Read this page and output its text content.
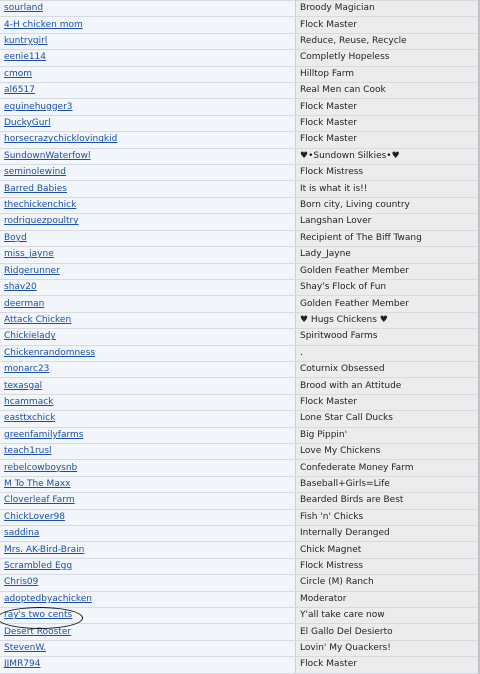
sourland	Broody Magician
4-H chicken mom	Flock Master
kuntrygirl	Reduce, Reuse, Recycle
eenie114	Completly Hopeless
cmom	Hilltop Farm
al6517	Real Men can Cook
equinehugger3	Flock Master
DuckyGurl	Flock Master
horsecrazychicklovingkid	Flock Master
SundownWaterfowl	♥•Sundown Silkies•♥
seminolewind	Flock Mistress
Barred Babies	It is what it is!!
thechickenchick	Born city, Living country
rodriguezpoultry	Langshan Lover
Boyd	Recipient of The Biff Twang
miss_jayne	Lady_Jayne
Ridgerunner	Golden Feather Member
shav20	Shay's Flock of Fun
deerman	Golden Feather Member
Attack Chicken	♥ Hugs Chickens ♥
Chickielady	Spiritwood Farms
Chickenrandomness	.
monarc23	Coturnix Obsessed
texasgal	Brood with an Attitude
hcammack	Flock Master
easttxchick	Lone Star Call Ducks
greenfamilyfarms	Big Pippin'
teach1rusl	Love My Chickens
rebelcowboysnb	Confederate Money Farm
M To The Maxx	Baseball+Girls=Life
Cloverleaf Farm	Bearded Birds are Best
ChickLover98	Fish 'n' Chicks
saddina	Internally Deranged
Mrs. AK-Bird-Brain	Chick Magnet
Scrambled Egg	Flock Mistress
Chris09	Circle (M) Ranch
adoptedbyachicken	Moderator
ray's two cents	Y'all take care now
Desert Rooster	El Gallo Del Desierto
StevenW.	Lovin' My Quackers!
JJMR794	Flock Master
